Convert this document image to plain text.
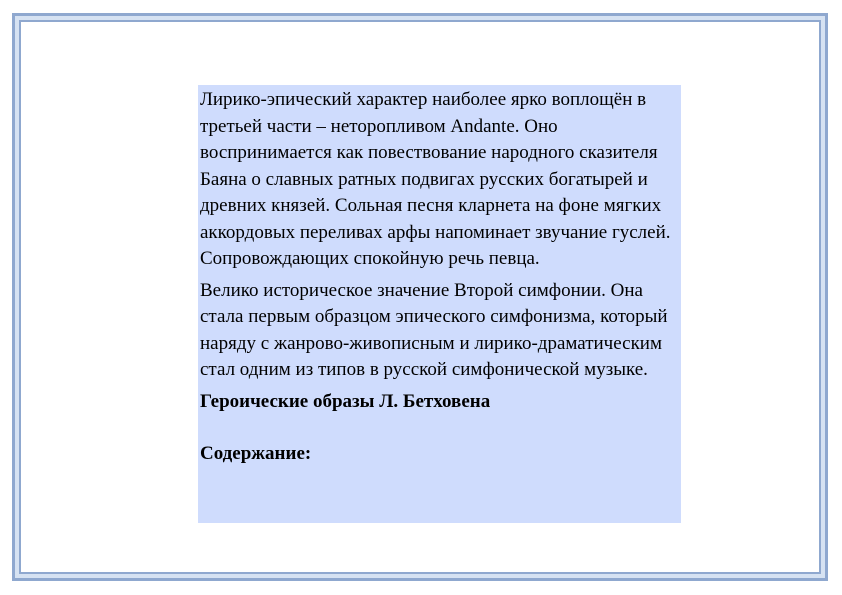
Лирико-эпический характер наиболее ярко воплощён в третьей части – неторопливом Andante. Оно воспринимается как повествование народного сказителя Баяна о славных ратных подвигах русских богатырей и древних князей. Сольная песня кларнета на фоне мягких аккордовых переливах арфы напоминает звучание гуслей. Сопровождающих спокойную речь певца.

Велико историческое значение Второй симфонии. Она стала первым образцом эпического симфонизма, который наряду с жанрово-живописным и лирико-драматическим стал одним из типов в русской симфонической музыке.

Героические образы Л. Бетховена

Содержание:
